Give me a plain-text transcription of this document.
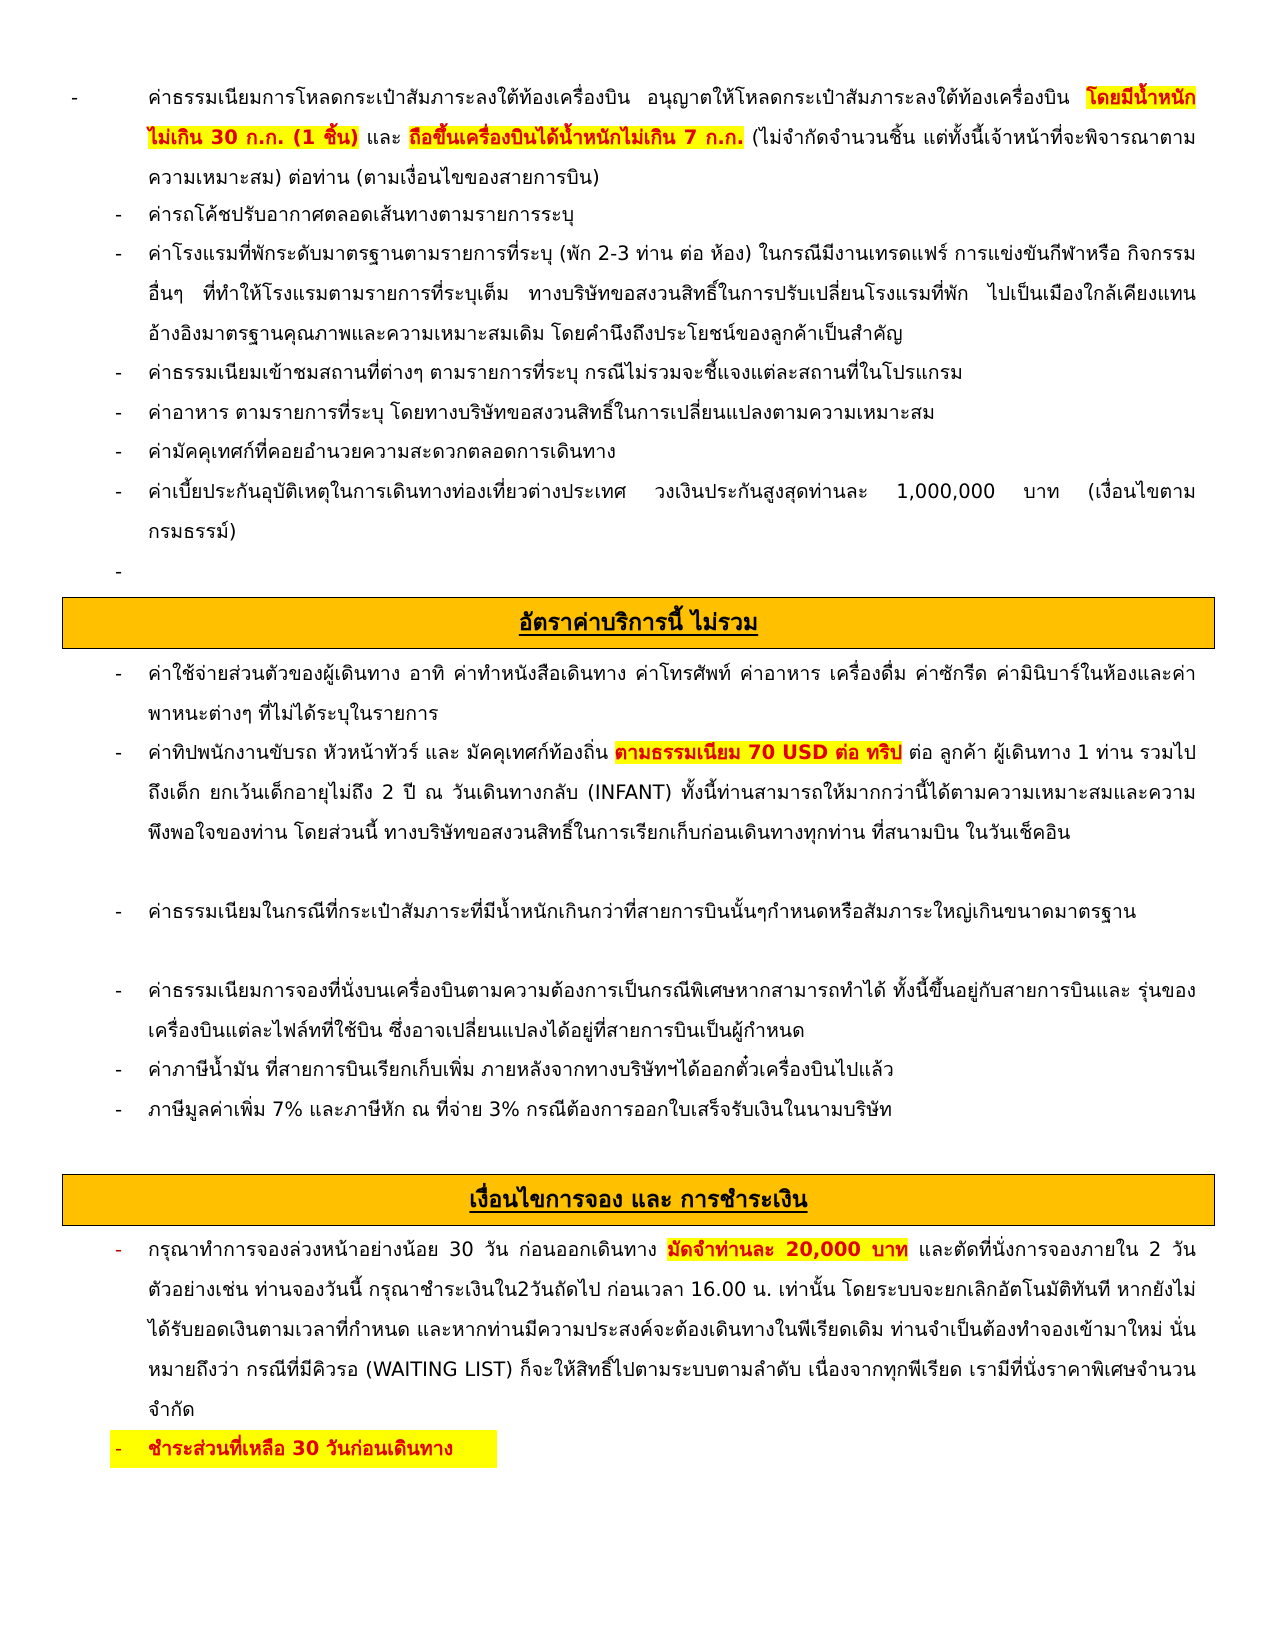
-	ค่าธรรมเนียมการโหลดกระเป๋าสัมภาระลงใต้ท้องเครื่องบิน อนุญาตให้โหลดกระเป๋าสัมภาระลงใต้ท้องเครื่องบิน โดยมีน้ำหนักไม่เกิน 30 ก.ก. (1 ชิ้น) และ ถือขึ้นเครื่องบินได้น้ำหนักไม่เกิน 7 ก.ก. (ไม่จำกัดจำนวนชิ้น แต่ทั้งนี้เจ้าหน้าที่จะพิจารณาตามความเหมาะสม) ต่อท่าน (ตามเงื่อนไขของสายการบิน)
-	ค่ารถโค้ชปรับอากาศตลอดเส้นทางตามรายการระบุ
-	ค่าโรงแรมที่พักระดับมาตรฐานตามรายการที่ระบุ (พัก 2-3 ท่าน ต่อ ห้อง) ในกรณีมีงานเทรดแฟร์ การแข่งขันกีฬาหรือ กิจกรรมอื่นๆ ที่ทำให้โรงแรมตามรายการที่ระบุเต็ม ทางบริษัทขอสงวนสิทธิ์ในการปรับเปลี่ยนโรงแรมที่พัก ไปเป็นเมืองใกล้เคียงแทน อ้างอิงมาตรฐานคุณภาพและความเหมาะสมเดิม โดยคำนึงถึงประโยชน์ของลูกค้าเป็นสำคัญ
-	ค่าธรรมเนียมเข้าชมสถานที่ต่างๆ ตามรายการที่ระบุ กรณีไม่รวมจะชี้แจงแต่ละสถานที่ในโปรแกรม
-	ค่าอาหาร ตามรายการที่ระบุ โดยทางบริษัทขอสงวนสิทธิ์ในการเปลี่ยนแปลงตามความเหมาะสม
-	ค่ามัคคุเทศก์ที่คอยอำนวยความสะดวกตลอดการเดินทาง
-	ค่าเบี้ยประกันอุบัติเหตุในการเดินทางท่องเที่ยวต่างประเทศ วงเงินประกันสูงสุดท่านละ 1,000,000 บาท (เงื่อนไขตามกรมธรรม์)
-
อัตราค่าบริการนี้ ไม่รวม
-	ค่าใช้จ่ายส่วนตัวของผู้เดินทาง อาทิ ค่าทำหนังสือเดินทาง ค่าโทรศัพท์ ค่าอาหาร เครื่องดื่ม ค่าซักรีด ค่ามินิบาร์ในห้องและค่าพาหนะต่างๆ ที่ไม่ได้ระบุในรายการ
-	ค่าทิปพนักงานขับรถ หัวหน้าทัวร์ และ มัคคุเทศก์ท้องถิ่น ตามธรรมเนียม 70 USD ต่อ ทริป ต่อ ลูกค้า ผู้เดินทาง 1 ท่าน รวมไปถึงเด็ก ยกเว้นเด็กอายุไม่ถึง 2 ปี ณ วันเดินทางกลับ (INFANT) ทั้งนี้ท่านสามารถให้มากกว่านี้ได้ตามความเหมาะสมและความพึงพอใจของท่าน โดยส่วนนี้ ทางบริษัทขอสงวนสิทธิ์ในการเรียกเก็บก่อนเดินทางทุกท่าน ที่สนามบิน ในวันเช็คอิน
-	ค่าธรรมเนียมในกรณีที่กระเป๋าสัมภาระที่มีน้ำหนักเกินกว่าที่สายการบินนั้นๆกำหนดหรือสัมภาระใหญ่เกินขนาดมาตรฐาน
-	ค่าธรรมเนียมการจองที่นั่งบนเครื่องบินตามความต้องการเป็นกรณีพิเศษหากสามารถทำได้ ทั้งนี้ขึ้นอยู่กับสายการบินและ รุ่นของเครื่องบินแต่ละไฟล์ทที่ใช้บิน ซึ่งอาจเปลี่ยนแปลงได้อยู่ที่สายการบินเป็นผู้กำหนด
-	ค่าภาษีน้ำมัน ที่สายการบินเรียกเก็บเพิ่ม ภายหลังจากทางบริษัทฯได้ออกตั๋วเครื่องบินไปแล้ว
-	ภาษีมูลค่าเพิ่ม 7% และภาษีหัก ณ ที่จ่าย 3% กรณีต้องการออกใบเสร็จรับเงินในนามบริษัท
เงื่อนไขการจอง และ การชำระเงิน
-	กรุณาทำการจองล่วงหน้าอย่างน้อย 30 วัน ก่อนออกเดินทาง มัดจำท่านละ 20,000 บาท และตัดที่นั่งการจองภายใน 2 วัน ตัวอย่างเช่น ท่านจองวันนี้ กรุณาชำระเงินใน2วันถัดไป ก่อนเวลา 16.00 น. เท่านั้น โดยระบบจะยกเลิกอัตโนมัติทันที หากยังไม่ได้รับยอดเงินตามเวลาที่กำหนด และหากท่านมีความประสงค์จะต้องเดินทางในพีเรียดเดิม ท่านจำเป็นต้องทำจองเข้ามาใหม่ นั่นหมายถึงว่า กรณีที่มีคิวรอ (WAITING LIST) ก็จะให้สิทธิ์ไปตามระบบตามลำดับ เนื่องจากทุกพีเรียด เรามีที่นั่งราคาพิเศษจำนวนจำกัด
-	ชำระส่วนที่เหลือ 30 วันก่อนเดินทาง
